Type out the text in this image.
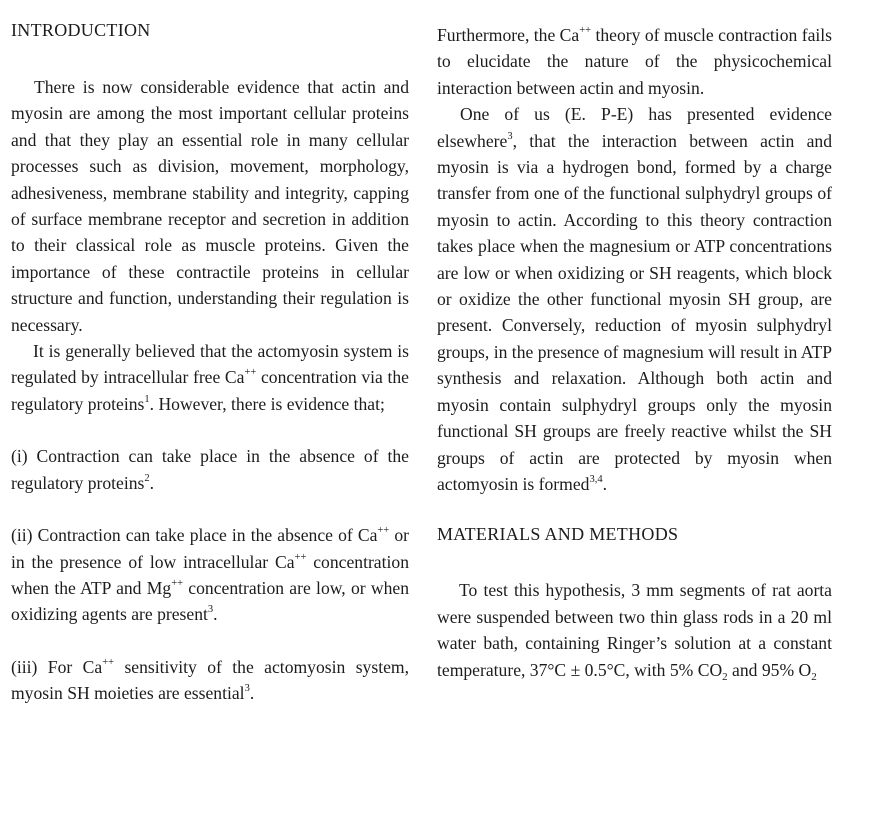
INTRODUCTION

There is now considerable evidence that actin and myosin are among the most important cellular proteins and that they play an essential role in many cellular processes such as division, movement, morphology, adhesiveness, membrane stability and integrity, capping of surface membrane receptor and secretion in addition to their classical role as muscle proteins. Given the importance of these contractile proteins in cellular structure and function, understanding their regulation is necessary.

It is generally believed that the actomyosin system is regulated by intracellular free Ca++ concentration via the regulatory proteins$^1$. However, there is evidence that;

(i) Contraction can take place in the absence of the regulatory proteins$^2$.

(ii) Contraction can take place in the absence of Ca++ or in the presence of low intracellular Ca++ concentration when the ATP and Mg++ concentration are low, or when oxidizing agents are present$^3$.

(iii) For Ca++ sensitivity of the actomyosin system, myosin SH moieties are essential$^3$.

Furthermore, the Ca++ theory of muscle contraction fails to elucidate the nature of the physicochemical interaction between actin and myosin.

One of us (E. P-E) has presented evidence elsewhere$^3$, that the interaction between actin and myosin is via a hydrogen bond, formed by a charge transfer from one of the functional sulphydryl groups of myosin to actin. According to this theory contraction takes place when the magnesium or ATP concentrations are low or when oxidizing or SH reagents, which block or oxidize the other functional myosin SH group, are present. Conversely, reduction of myosin sulphydryl groups, in the presence of magnesium will result in ATP synthesis and relaxation. Although both actin and myosin contain sulphydryl groups only the myosin functional SH groups are freely reactive whilst the SH groups of actin are protected by myosin when actomyosin is formed$^{3,4}$.

MATERIALS AND METHODS

To test this hypothesis, 3 mm segments of rat aorta were suspended between two thin glass rods in a 20 ml water bath, containing Ringer’s solution at a constant temperature, 37°C ± 0.5°C, with 5% $CO_2$ and 95% $O_2$
